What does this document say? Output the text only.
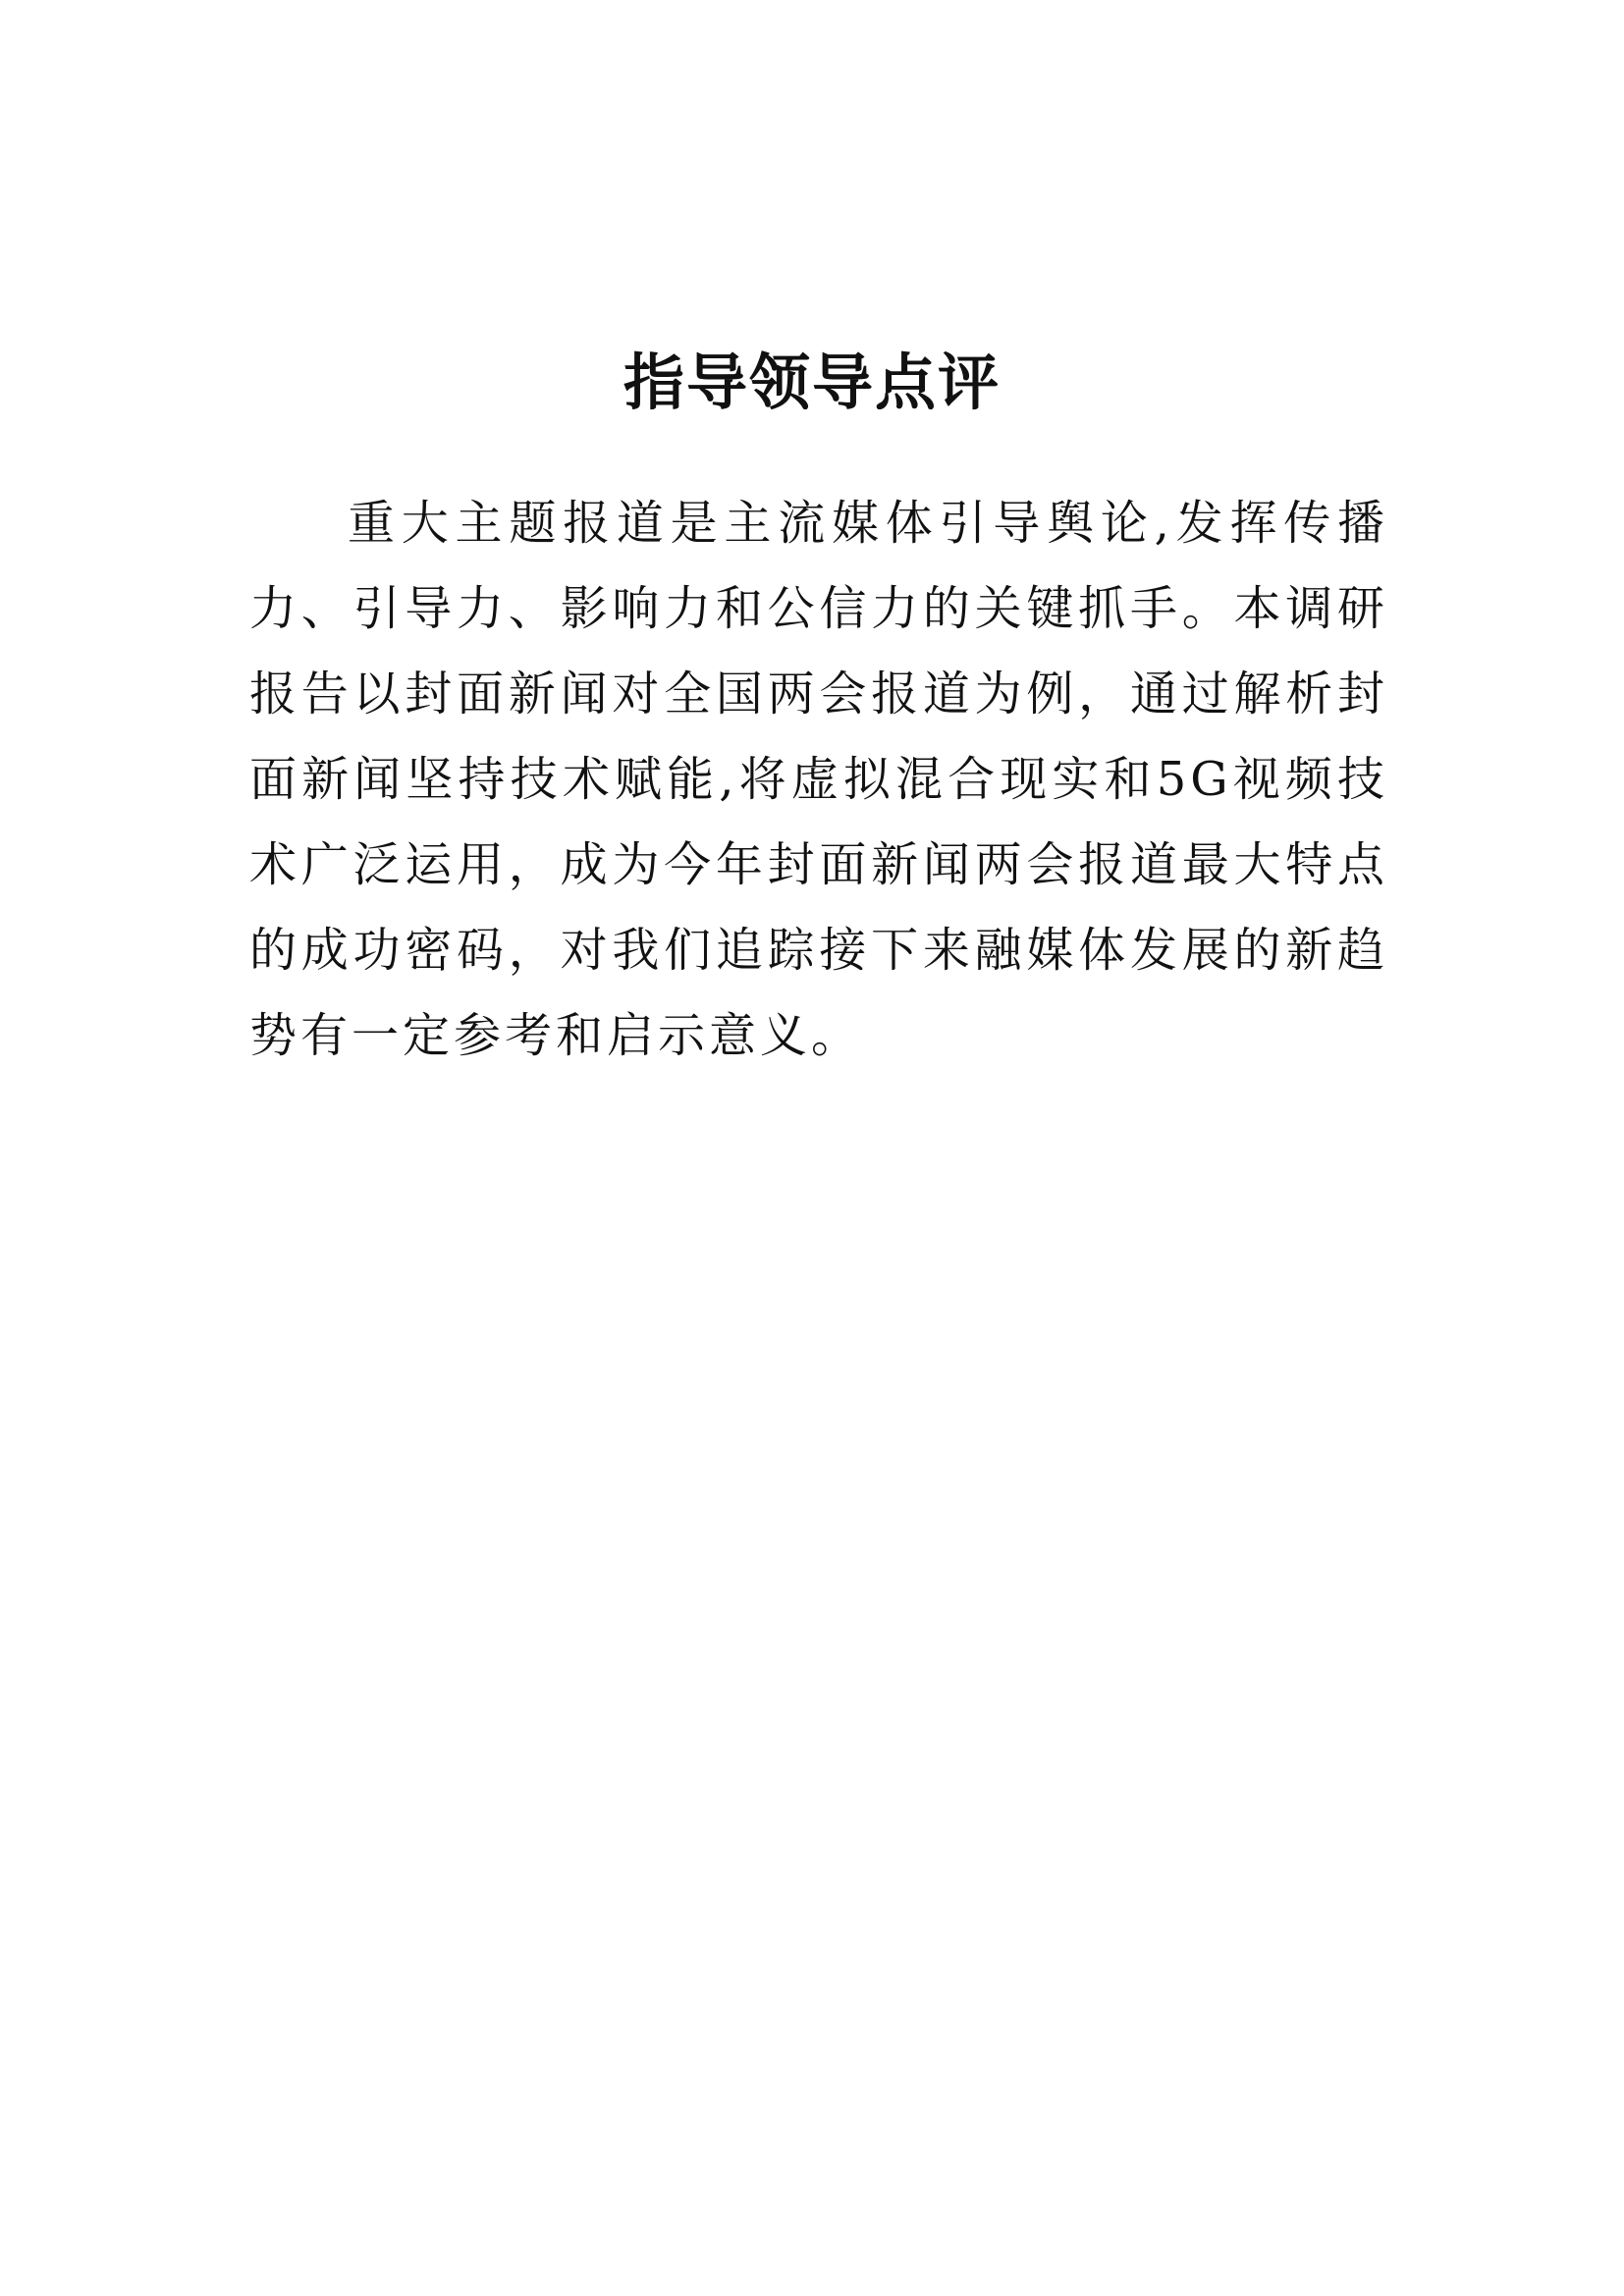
指导领导点评

重大主题报道是主流媒体引导舆论,发挥传播力、引导力、影响力和公信力的关键抓手。本调研报告以封面新闻对全国两会报道为例，通过解析封面新闻坚持技术赋能,将虚拟混合现实和5G视频技术广泛运用，成为今年封面新闻两会报道最大特点的成功密码，对我们追踪接下来融媒体发展的新趋势有一定参考和启示意义。
